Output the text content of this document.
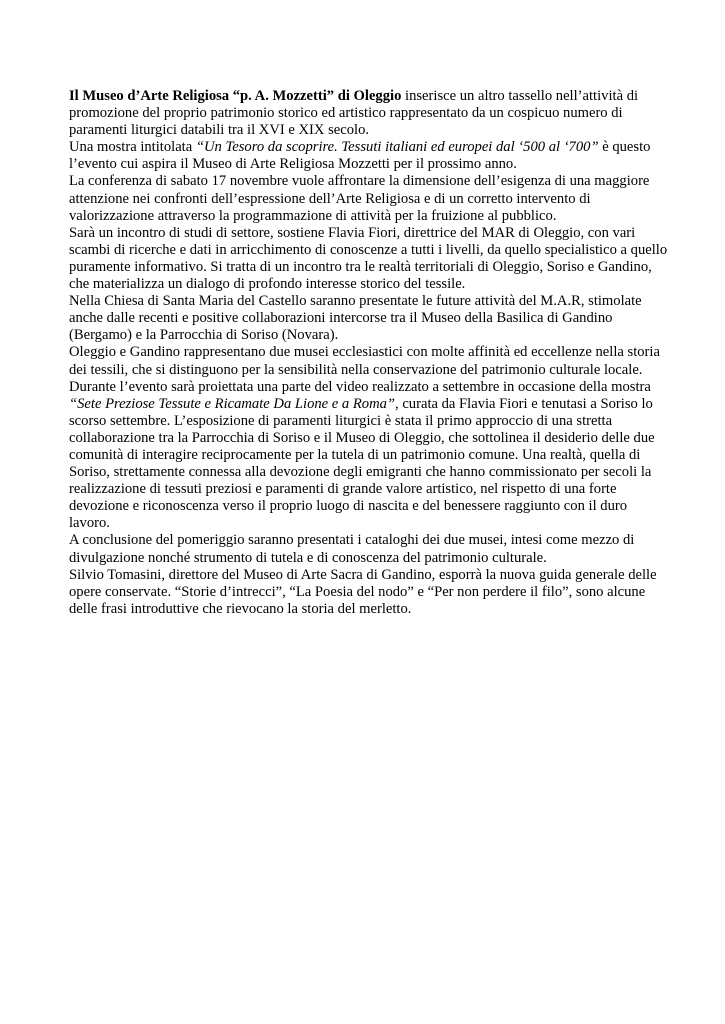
Il Museo d’Arte Religiosa “p. A. Mozzetti” di Oleggio inserisce un altro tassello nell’attività di promozione del proprio patrimonio storico ed artistico rappresentato da un cospicuo numero di paramenti liturgici databili tra il XVI e XIX secolo.

Una mostra intitolata “Un Tesoro da scoprire. Tessuti italiani ed europei dal ‘500 al ‘700” è questo l’evento cui aspira il Museo di Arte Religiosa Mozzetti per il prossimo anno.

La conferenza di sabato 17 novembre vuole affrontare la dimensione dell’esigenza di una maggiore attenzione nei confronti dell’espressione dell’Arte Religiosa e di un corretto intervento di valorizzazione attraverso la programmazione di attività per la fruizione al pubblico.

Sarà un incontro di studi di settore, sostiene Flavia Fiori, direttrice del MAR di Oleggio, con vari scambi di ricerche e dati in arricchimento di conoscenze a tutti i livelli, da quello specialistico a quello puramente informativo. Si tratta di un incontro tra le realtà territoriali di Oleggio, Soriso e Gandino, che materializza un dialogo di profondo interesse storico del tessile.

Nella Chiesa di Santa Maria del Castello saranno presentate le future attività del M.A.R, stimolate anche dalle recenti e positive collaborazioni intercorse tra il Museo della Basilica di Gandino (Bergamo) e la Parrocchia di Soriso (Novara).

Oleggio e Gandino rappresentano due musei ecclesiastici con molte affinità ed eccellenze nella storia dei tessili, che si distinguono per la sensibilità nella conservazione del patrimonio culturale locale.

Durante l’evento sarà proiettata una parte del video realizzato a settembre in occasione della mostra “Sete Preziose Tessute e Ricamate Da Lione e a Roma”, curata da Flavia Fiori e tenutasi a Soriso lo scorso settembre. L’esposizione di paramenti liturgici è stata il primo approccio di una stretta collaborazione tra la Parrocchia di Soriso e il Museo di Oleggio, che sottolinea il desiderio delle due comunità di interagire reciprocamente per la tutela di un patrimonio comune. Una realtà, quella di Soriso, strettamente connessa alla devozione degli emigranti che hanno commissionato per secoli la realizzazione di tessuti preziosi e paramenti di grande valore artistico, nel rispetto di una forte devozione e riconoscenza verso il proprio luogo di nascita e del benessere raggiunto con il duro lavoro.

A conclusione del pomeriggio saranno presentati i cataloghi dei due musei, intesi come mezzo di divulgazione nonché strumento di tutela e di conoscenza del patrimonio culturale.

Silvio Tomasini, direttore del Museo di Arte Sacra di Gandino, esporrà la nuova guida generale delle opere conservate. “Storie d’intrecci”, “La Poesia del nodo” e “Per non perdere il filo”, sono alcune delle frasi introduttive che rievocano la storia del merletto.
